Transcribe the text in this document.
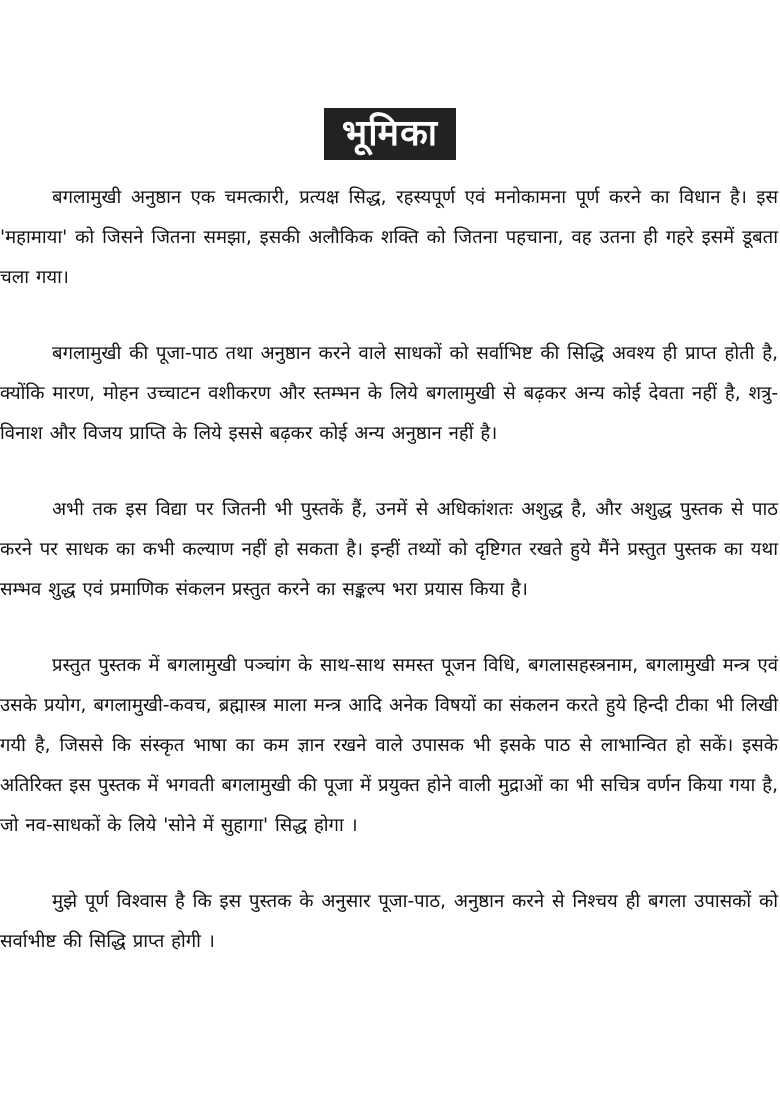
भूमिका

बगलामुखी अनुष्ठान एक चमत्कारी, प्रत्यक्ष सिद्ध, रहस्यपूर्ण एवं मनोकामना पूर्ण करने का विधान है। इस 'महामाया' को जिसने जितना समझा, इसकी अलौकिक शक्ति को जितना पहचाना, वह उतना ही गहरे इसमें डूबता चला गया।

बगलामुखी की पूजा-पाठ तथा अनुष्ठान करने वाले साधकों को सर्वाभिष्ट की सिद्धि अवश्य ही प्राप्त होती है, क्योंकि मारण, मोहन उच्चाटन वशीकरण और स्तम्भन के लिये बगलामुखी से बढ़कर अन्य कोई देवता नहीं है, शत्रु-विनाश और विजय प्राप्ति के लिये इससे बढ़कर कोई अन्य अनुष्ठान नहीं है।

अभी तक इस विद्या पर जितनी भी पुस्तकें हैं, उनमें से अधिकांशतः अशुद्ध है, और अशुद्ध पुस्तक से पाठ करने पर साधक का कभी कल्याण नहीं हो सकता है। इन्हीं तथ्यों को दृष्टिगत रखते हुये मैंने प्रस्तुत पुस्तक का यथा सम्भव शुद्ध एवं प्रमाणिक संकलन प्रस्तुत करने का सङ्कल्प भरा प्रयास किया है।

प्रस्तुत पुस्तक में बगलामुखी पञ्चांग के साथ-साथ समस्त पूजन विधि, बगलासहस्त्रनाम, बगलामुखी मन्त्र एवं उसके प्रयोग, बगलामुखी-कवच, ब्रह्मास्त्र माला मन्त्र आदि अनेक विषयों का संकलन करते हुये हिन्दी टीका भी लिखी गयी है, जिससे कि संस्कृत भाषा का कम ज्ञान रखने वाले उपासक भी इसके पाठ से लाभान्वित हो सकें। इसके अतिरिक्त इस पुस्तक में भगवती बगलामुखी की पूजा में प्रयुक्त होने वाली मुद्राओं का भी सचित्र वर्णन किया गया है, जो नव-साधकों के लिये 'सोने में सुहागा' सिद्ध होगा ।

मुझे पूर्ण विश्वास है कि इस पुस्तक के अनुसार पूजा-पाठ, अनुष्ठान करने से निश्चय ही बगला उपासकों को सर्वाभीष्ट की सिद्धि प्राप्त होगी ।
